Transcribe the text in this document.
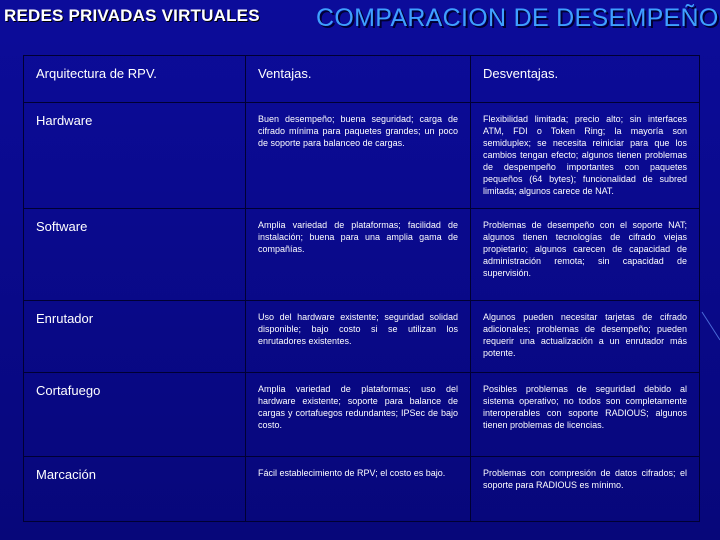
REDES PRIVADAS VIRTUALES COMPARACION DE DESEMPEÑO
Arquitectura de RPV.	Ventajas.	Desventajas.
Hardware	Buen desempeño; buena seguridad; carga de cifrado mínima para paquetes grandes; un poco de soporte para balanceo de cargas.	Flexibilidad limitada; precio alto; sin interfaces ATM, FDI o Token Ring; la mayoría son semiduplex; se necesita reiniciar para que los cambios tengan efecto; algunos tienen problemas de despempeño importantes con paquetes pequeños (64 bytes); funcionalidad de subred limitada; algunos carece de NAT.
Software	Amplia variedad de plataformas; facilidad de instalación; buena para una amplia gama de compañías.	Problemas de desempeño con el soporte NAT; algunos tienen tecnologías de cifrado viejas propietario; algunos carecen de capacidad de administración remota; sin capacidad de supervisión.
Enrutador	Uso del hardware existente; seguridad solidad disponible; bajo costo si se utilizan los enrutadores existentes.	Algunos pueden necesitar tarjetas de cifrado adicionales; problemas de desempeño; pueden requerir una actualización a un enrutador más potente.
Cortafuego	Amplia variedad de plataformas; uso del hardware existente; soporte para balance de cargas y cortafuegos redundantes; IPSec de bajo costo.	Posibles problemas de seguridad debido al sistema operativo; no todos son completamente interoperables con soporte RADIOUS; algunos tienen problemas de licencias.
Marcación	Fácil establecimiento de RPV; el costo es bajo.	Problemas con compresión de datos cifrados; el soporte para RADIOUS es mínimo.
